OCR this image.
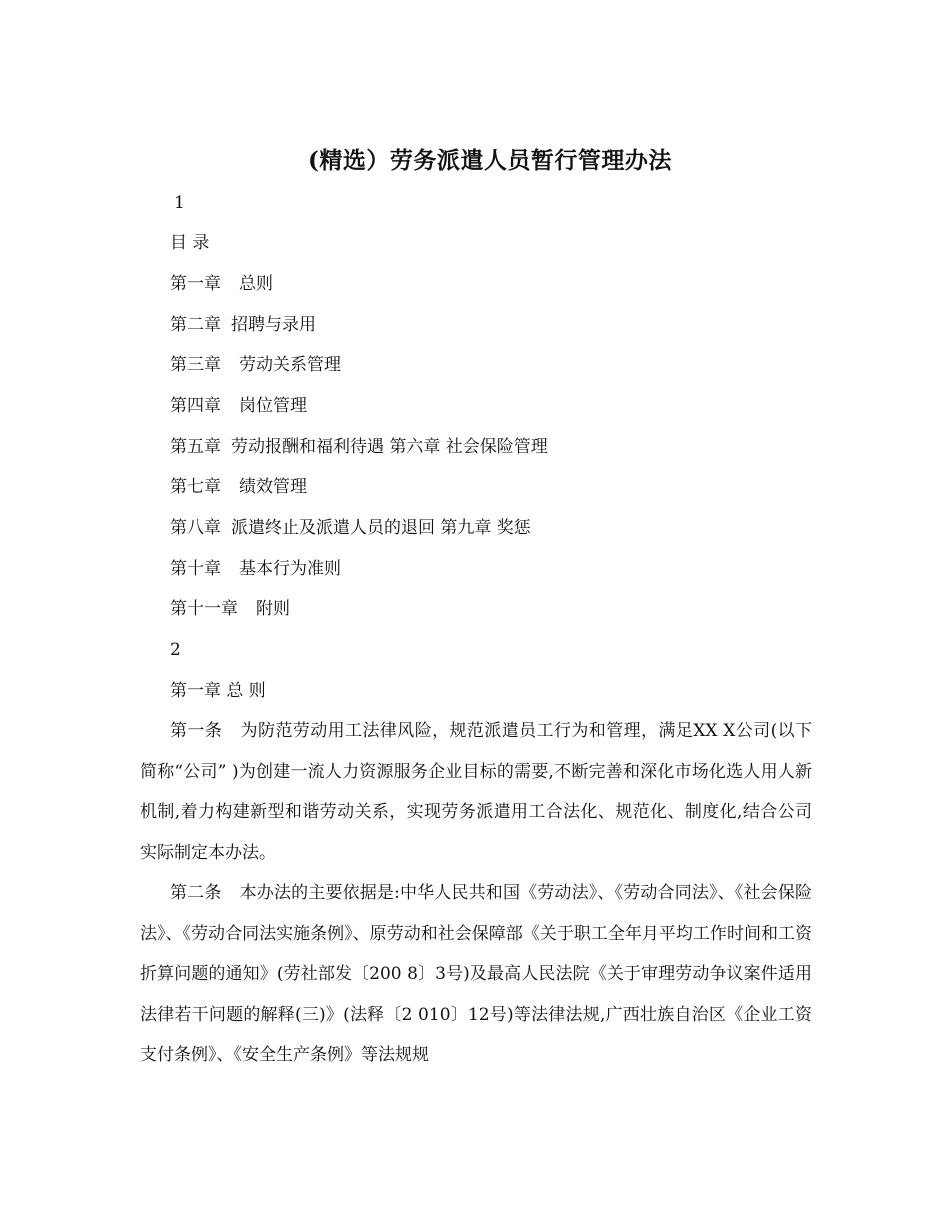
(精选）劳务派遣人员暂行管理办法

1

目 录

第一章 总则

第二章 招聘与录用

第三章 劳动关系管理

第四章 岗位管理

第五章 劳动报酬和福利待遇 第六章 社会保险管理

第七章 绩效管理

第八章 派遣终止及派遣人员的退回 第九章 奖惩

第十章 基本行为准则

第十一章 附则

2

第一章 总 则

第一条 为防范劳动用工法律风险，规范派遣员工行为和管理，满足XX X公司(以下简称“公司” )为创建一流人力资源服务企业目标的需要,不断完善和深化市场化选人用人新机制,着力构建新型和谐劳动关系，实现劳务派遣用工合法化、规范化、制度化,结合公司实际制定本办法。

第二条 本办法的主要依据是:中华人民共和国《劳动法》、《劳动合同法》、《社会保险法》、《劳动合同法实施条例》、原劳动和社会保障部《关于职工全年月平均工作时间和工资折算问题的通知》(劳社部发〔200 8〕3号)及最高人民法院《关于审理劳动争议案件适用法律若干问题的解释(三)》(法释〔2 010〕12号)等法律法规,广西壮族自治区《企业工资支付条例》、《安全生产条例》等法规规
